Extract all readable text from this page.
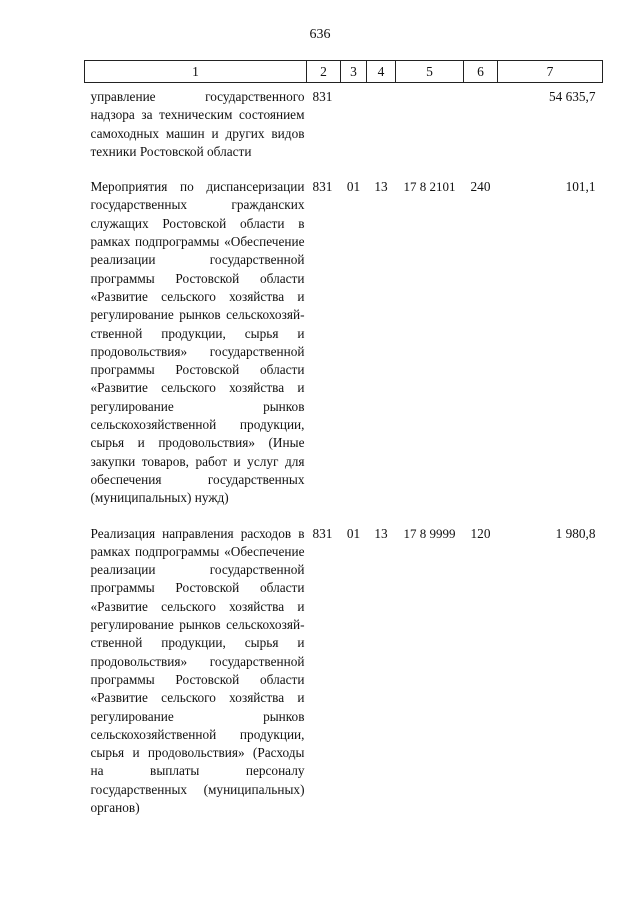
636
1	2	3	4	5	6	7
управление государственного надзора за техническим состоянием самоходных машин и других видов техники Ростовской области	831					54 635,7
Мероприятия по диспансеризации государственных гражданских служащих Ростовской области в рамках подпрограммы «Обеспечение реализации государственной программы Ростовской области «Развитие сельского хозяйства и регулирование рынков сельскохозяйственной продукции, сырья и продовольствия» государственной программы Ростовской области «Развитие сельского хозяйства и регулирование рынков сельскохозяйственной продукции, сырья и продовольствия» (Иные закупки товаров, работ и услуг для обеспечения государственных (муниципальных) нужд)	831	01	13	17 8 2101	240	101,1
Реализация направления расходов в рамках подпрограммы «Обеспечение реализации государственной программы Ростовской области «Развитие сельского хозяйства и регулирование рынков сельскохозяйственной продукции, сырья и продовольствия» государственной программы Ростовской области «Развитие сельского хозяйства и регулирование рынков сельскохозяйственной продукции, сырья и продовольствия» (Расходы на выплаты персоналу государственных (муниципальных) органов)	831	01	13	17 8 9999	120	1 980,8
